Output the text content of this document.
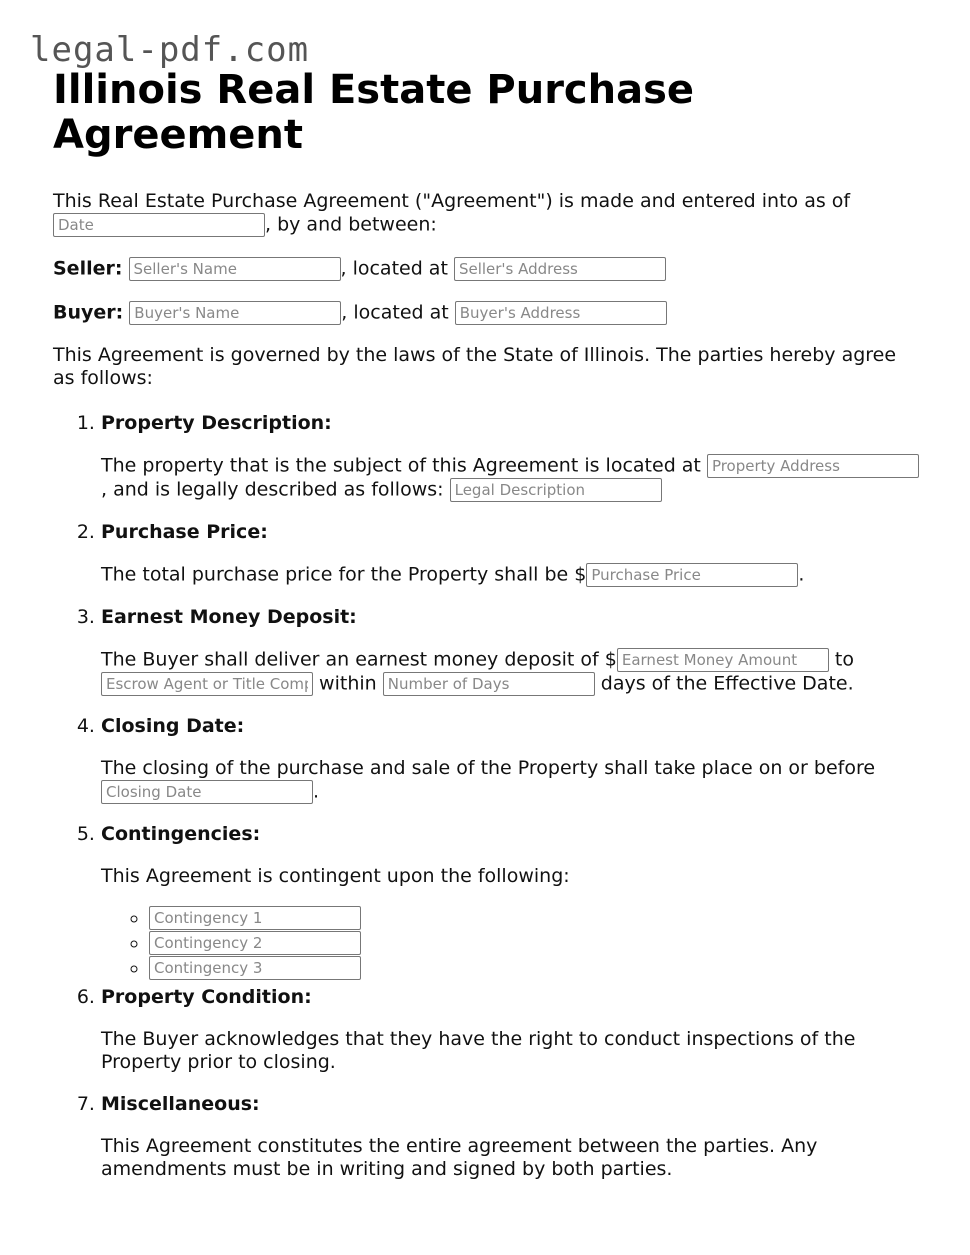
legal-pdf.com
Illinois Real Estate Purchase Agreement

This Real Estate Purchase Agreement ("Agreement") is made and entered into as of Date, by and between:

Seller: Seller's Name	, located at Seller's Address

Buyer: Buyer's Name	, located at Buyer's Address

This Agreement is governed by the laws of the State of Illinois. The parties hereby agree as follows:

1. Property Description:

The property that is the subject of this Agreement is located at Property Address
, and is legally described as follows: Legal Description

2. Purchase Price:

The total purchase price for the Property shall be $Purchase Price	.

3. Earnest Money Deposit:

The Buyer shall deliver an earnest money deposit of $Earnest Money Amount	to
Escrow Agent or Title Company within Number of Days	days of the Effective Date.

4. Closing Date:

The closing of the purchase and sale of the Property shall take place on or before
Closing Date.

5. Contingencies:

This Agreement is contingent upon the following:

◦ Contingency 1
◦ Contingency 2
◦ Contingency 3

6. Property Condition:

The Buyer acknowledges that they have the right to conduct inspections of the Property prior to closing.

7. Miscellaneous:

This Agreement constitutes the entire agreement between the parties. Any amendments must be in writing and signed by both parties.
